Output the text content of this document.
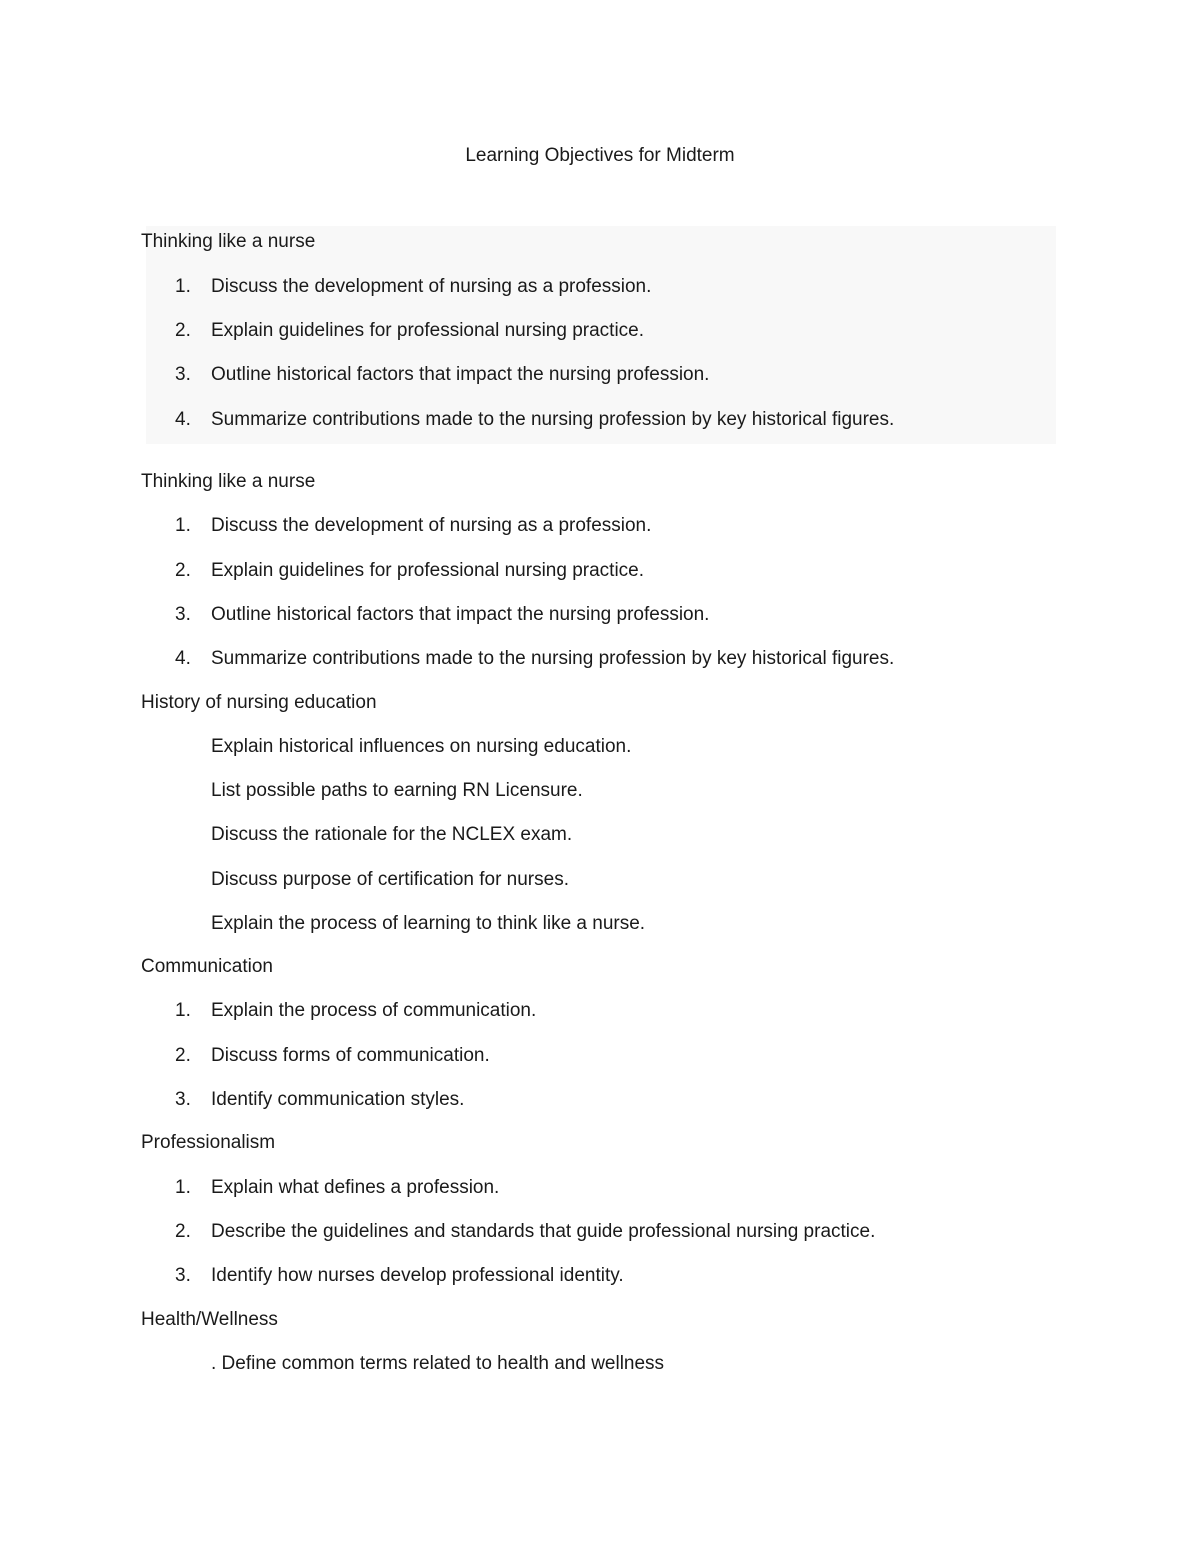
Learning Objectives for Midterm
Thinking like a nurse
1.	Discuss the development of nursing as a profession.
2.	Explain guidelines for professional nursing practice.
3.	Outline historical factors that impact the nursing profession.
4.	Summarize contributions made to the nursing profession by key historical figures.
Thinking like a nurse
1.	Discuss the development of nursing as a profession.
2.	Explain guidelines for professional nursing practice.
3.	Outline historical factors that impact the nursing profession.
4.	Summarize contributions made to the nursing profession by key historical figures.
History of nursing education
Explain historical influences on nursing education.
List possible paths to earning RN Licensure.
Discuss the rationale for the NCLEX exam.
Discuss purpose of certification for nurses.
Explain the process of learning to think like a nurse.
Communication
1.	Explain the process of communication.
2.	Discuss forms of communication.
3.	Identify communication styles.
Professionalism
1.	Explain what defines a profession.
2.	Describe the guidelines and standards that guide professional nursing practice.
3.	Identify how nurses develop professional identity.
Health/Wellness
. Define common terms related to health and wellness
